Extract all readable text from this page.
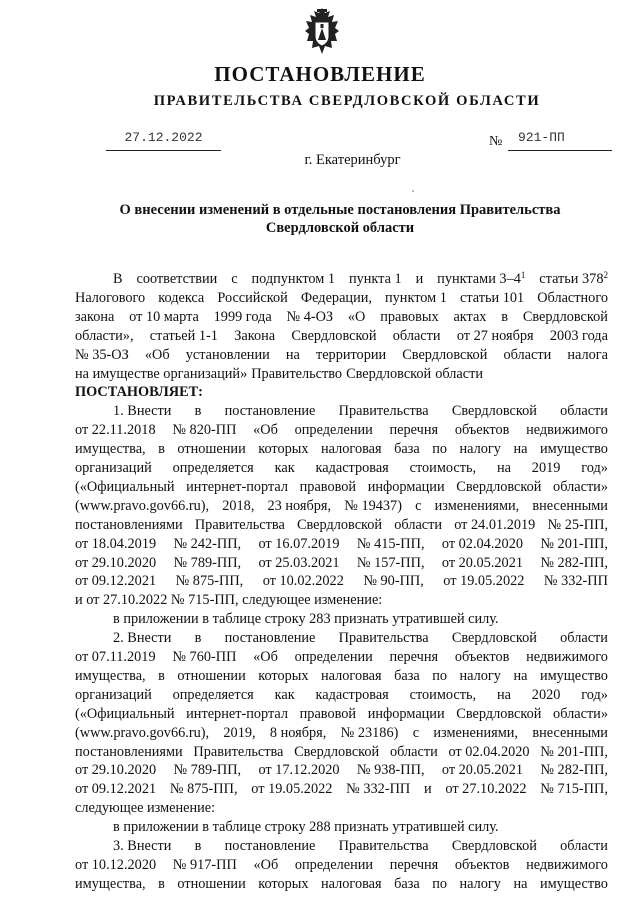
ПОСТАНОВЛЕНИЕ
ПРАВИТЕЛЬСТВА СВЕРДЛОВСКОЙ ОБЛАСТИ
27.12.2022	№	921-ПП
г. Екатеринбург
О внесении изменений в отдельные постановления Правительства
Свердловской области
В соответствии с подпунктом 1 пункта 1 и пунктами $3-4^1$ статьи $378^2$
Налогового кодекса Российской Федерации, пунктом 1 статьи 101 Областного
закона от 10 марта 1999 года № 4-ОЗ «О правовых актах в Свердловской
области», статьей 1-1 Закона Свердловской области от 27 ноября 2003 года
№ 35-ОЗ «Об установлении на территории Свердловской области налога
на имуществе организаций» Правительство Свердловской области
ПОСТАНОВЛЯЕТ:
1. Внести в постановление Правительства Свердловской области
от 22.11.2018 № 820-ПП «Об определении перечня объектов недвижимого
имущества, в отношении которых налоговая база по налогу на имущество
организаций определяется как кадастровая стоимость, на 2019 год»
(«Официальный интернет-портал правовой информации Свердловской области»
(www.pravo.gov66.ru), 2018, 23 ноября, № 19437) с изменениями, внесенными
постановлениями Правительства Свердловской области от 24.01.2019 № 25-ПП,
от 18.04.2019 № 242-ПП, от 16.07.2019 № 415-ПП, от 02.04.2020 № 201-ПП,
от 29.10.2020 № 789-ПП, от 25.03.2021 № 157-ПП, от 20.05.2021 № 282-ПП,
от 09.12.2021 № 875-ПП, от 10.02.2022 № 90-ПП, от 19.05.2022 № 332-ПП
и от 27.10.2022 № 715-ПП, следующее изменение:
в приложении в таблице строку 283 признать утратившей силу.
2. Внести в постановление Правительства Свердловской области
от 07.11.2019 № 760-ПП «Об определении перечня объектов недвижимого
имущества, в отношении которых налоговая база по налогу на имущество
организаций определяется как кадастровая стоимость, на 2020 год»
(«Официальный интернет-портал правовой информации Свердловской области»
(www.pravo.gov66.ru), 2019, 8 ноября, № 23186) с изменениями, внесенными
постановлениями Правительства Свердловской области от 02.04.2020 № 201-ПП,
от 29.10.2020 № 789-ПП, от 17.12.2020 № 938-ПП, от 20.05.2021 № 282-ПП,
от 09.12.2021 № 875-ПП, от 19.05.2022 № 332-ПП и от 27.10.2022 № 715-ПП,
следующее изменение:
в приложении в таблице строку 288 признать утратившей силу.
3. Внести в постановление Правительства Свердловской области
от 10.12.2020 № 917-ПП «Об определении перечня объектов недвижимого
имущества, в отношении которых налоговая база по налогу на имущество
